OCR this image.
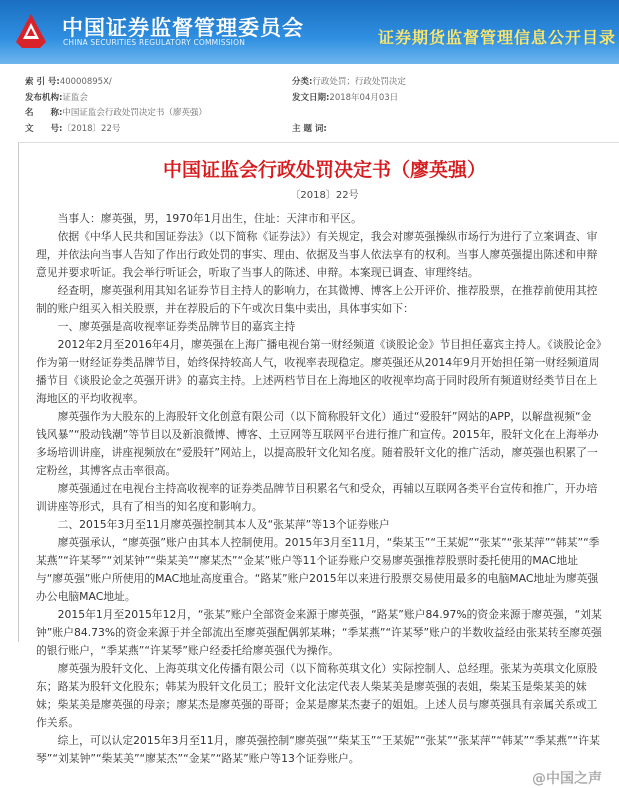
中国证券监督管理委员会
CHINA SECURITIES REGULATORY COMMISSION	证券期货监督管理信息公开目录
索 引 号:40000895X/
发布机构:证监会
名　　称:中国证监会行政处罚决定书（廖英强）
文　　号:〔2018〕22号
分类:行政处罚；行政处罚决定
发文日期:2018年04月03日
主 题 词:
中国证监会行政处罚决定书（廖英强）
〔2018〕22号

当事人：廖英强，男，1970年1月出生，住址：天津市和平区。

依据《中华人民共和国证券法》（以下简称《证券法》）有关规定，我会对廖英强操纵市场行为进行了立案调查、审理，并依法向当事人告知了作出行政处罚的事实、理由、依据及当事人依法享有的权利。当事人廖英强提出陈述和申辩意见并要求听证。我会举行听证会，听取了当事人的陈述、申辩。本案现已调查、审理终结。

经查明，廖英强利用其知名证券节目主持人的影响力，在其微博、博客上公开评价、推荐股票，在推荐前使用其控制的账户组买入相关股票，并在荐股后的下午或次日集中卖出，具体事实如下：

一、廖英强是高收视率证券类品牌节目的嘉宾主持

2012年2月至2016年4月，廖英强在上海广播电视台第一财经频道《谈股论金》节目担任嘉宾主持人。《谈股论金》作为第一财经证券类品牌节目，始终保持较高人气，收视率表现稳定。廖英强还从2014年9月开始担任第一财经频道周播节目《谈股论金之英强开讲》的嘉宾主持。上述两档节目在上海地区的收视率均高于同时段所有频道财经类节目在上海地区的平均收视率。

廖英强作为大股东的上海股轩文化创意有限公司（以下简称股轩文化）通过“爱股轩”网站的APP，以解盘视频“金钱风暴”“股动钱潮”等节目以及新浪微博、博客、土豆网等互联网平台进行推广和宣传。2015年，股轩文化在上海举办多场培训讲座，讲座视频放在“爱股轩”网站上，以提高股轩文化知名度。随着股轩文化的推广活动，廖英强也积累了一定粉丝，其博客点击率很高。

廖英强通过在电视台主持高收视率的证券类品牌节目积累名气和受众，再辅以互联网各类平台宣传和推广，开办培训讲座等形式，具有了相当的知名度和影响力。

二、2015年3月至11月廖英强控制其本人及“张某萍”等13个证券账户

廖英强承认，“廖英强”账户由其本人控制使用。2015年3月至11月，“柴某玉”“王某妮”“张某”“张某萍”“韩某”“季某燕”“许某琴”“刘某钟”“柴某美”“廖某杰”“金某”账户等11个证券账户交易廖英强推荐股票时委托使用的MAC地址与“廖英强”账户所使用的MAC地址高度重合。“路某”账户2015年以来进行股票交易使用最多的电脑MAC地址为廖英强办公电脑MAC地址。

2015年1月至2015年12月，“张某”账户全部资金来源于廖英强，“路某”账户84.97%的资金来源于廖英强，“刘某钟”账户84.73%的资金来源于并全部流出至廖英强配偶郭某琳；“季某燕”“许某琴”账户的半数收益经由张某转至廖英强的银行账户，“季某燕”“许某琴”账户经委托给廖英强代为操作。

廖英强为股轩文化、上海英琪文化传播有限公司（以下简称英琪文化）实际控制人、总经理。张某为英琪文化原股东；路某为股轩文化股东；韩某为股轩文化员工；股轩文化法定代表人柴某美是廖英强的表姐，柴某玉是柴某美的妹妹；柴某美是廖英强的母亲；廖某杰是廖英强的哥哥；金某是廖某杰妻子的姐姐。上述人员与廖英强具有亲属关系或工作关系。

综上，可以认定2015年3月至11月，廖英强控制“廖英强”“柴某玉”“王某妮”“张某”“张某萍”“韩某”“季某燕”“许某琴”“刘某钟”“柴某美”“廖某杰”“金某”“路某”账户等13个证券账户。

@中国之声
